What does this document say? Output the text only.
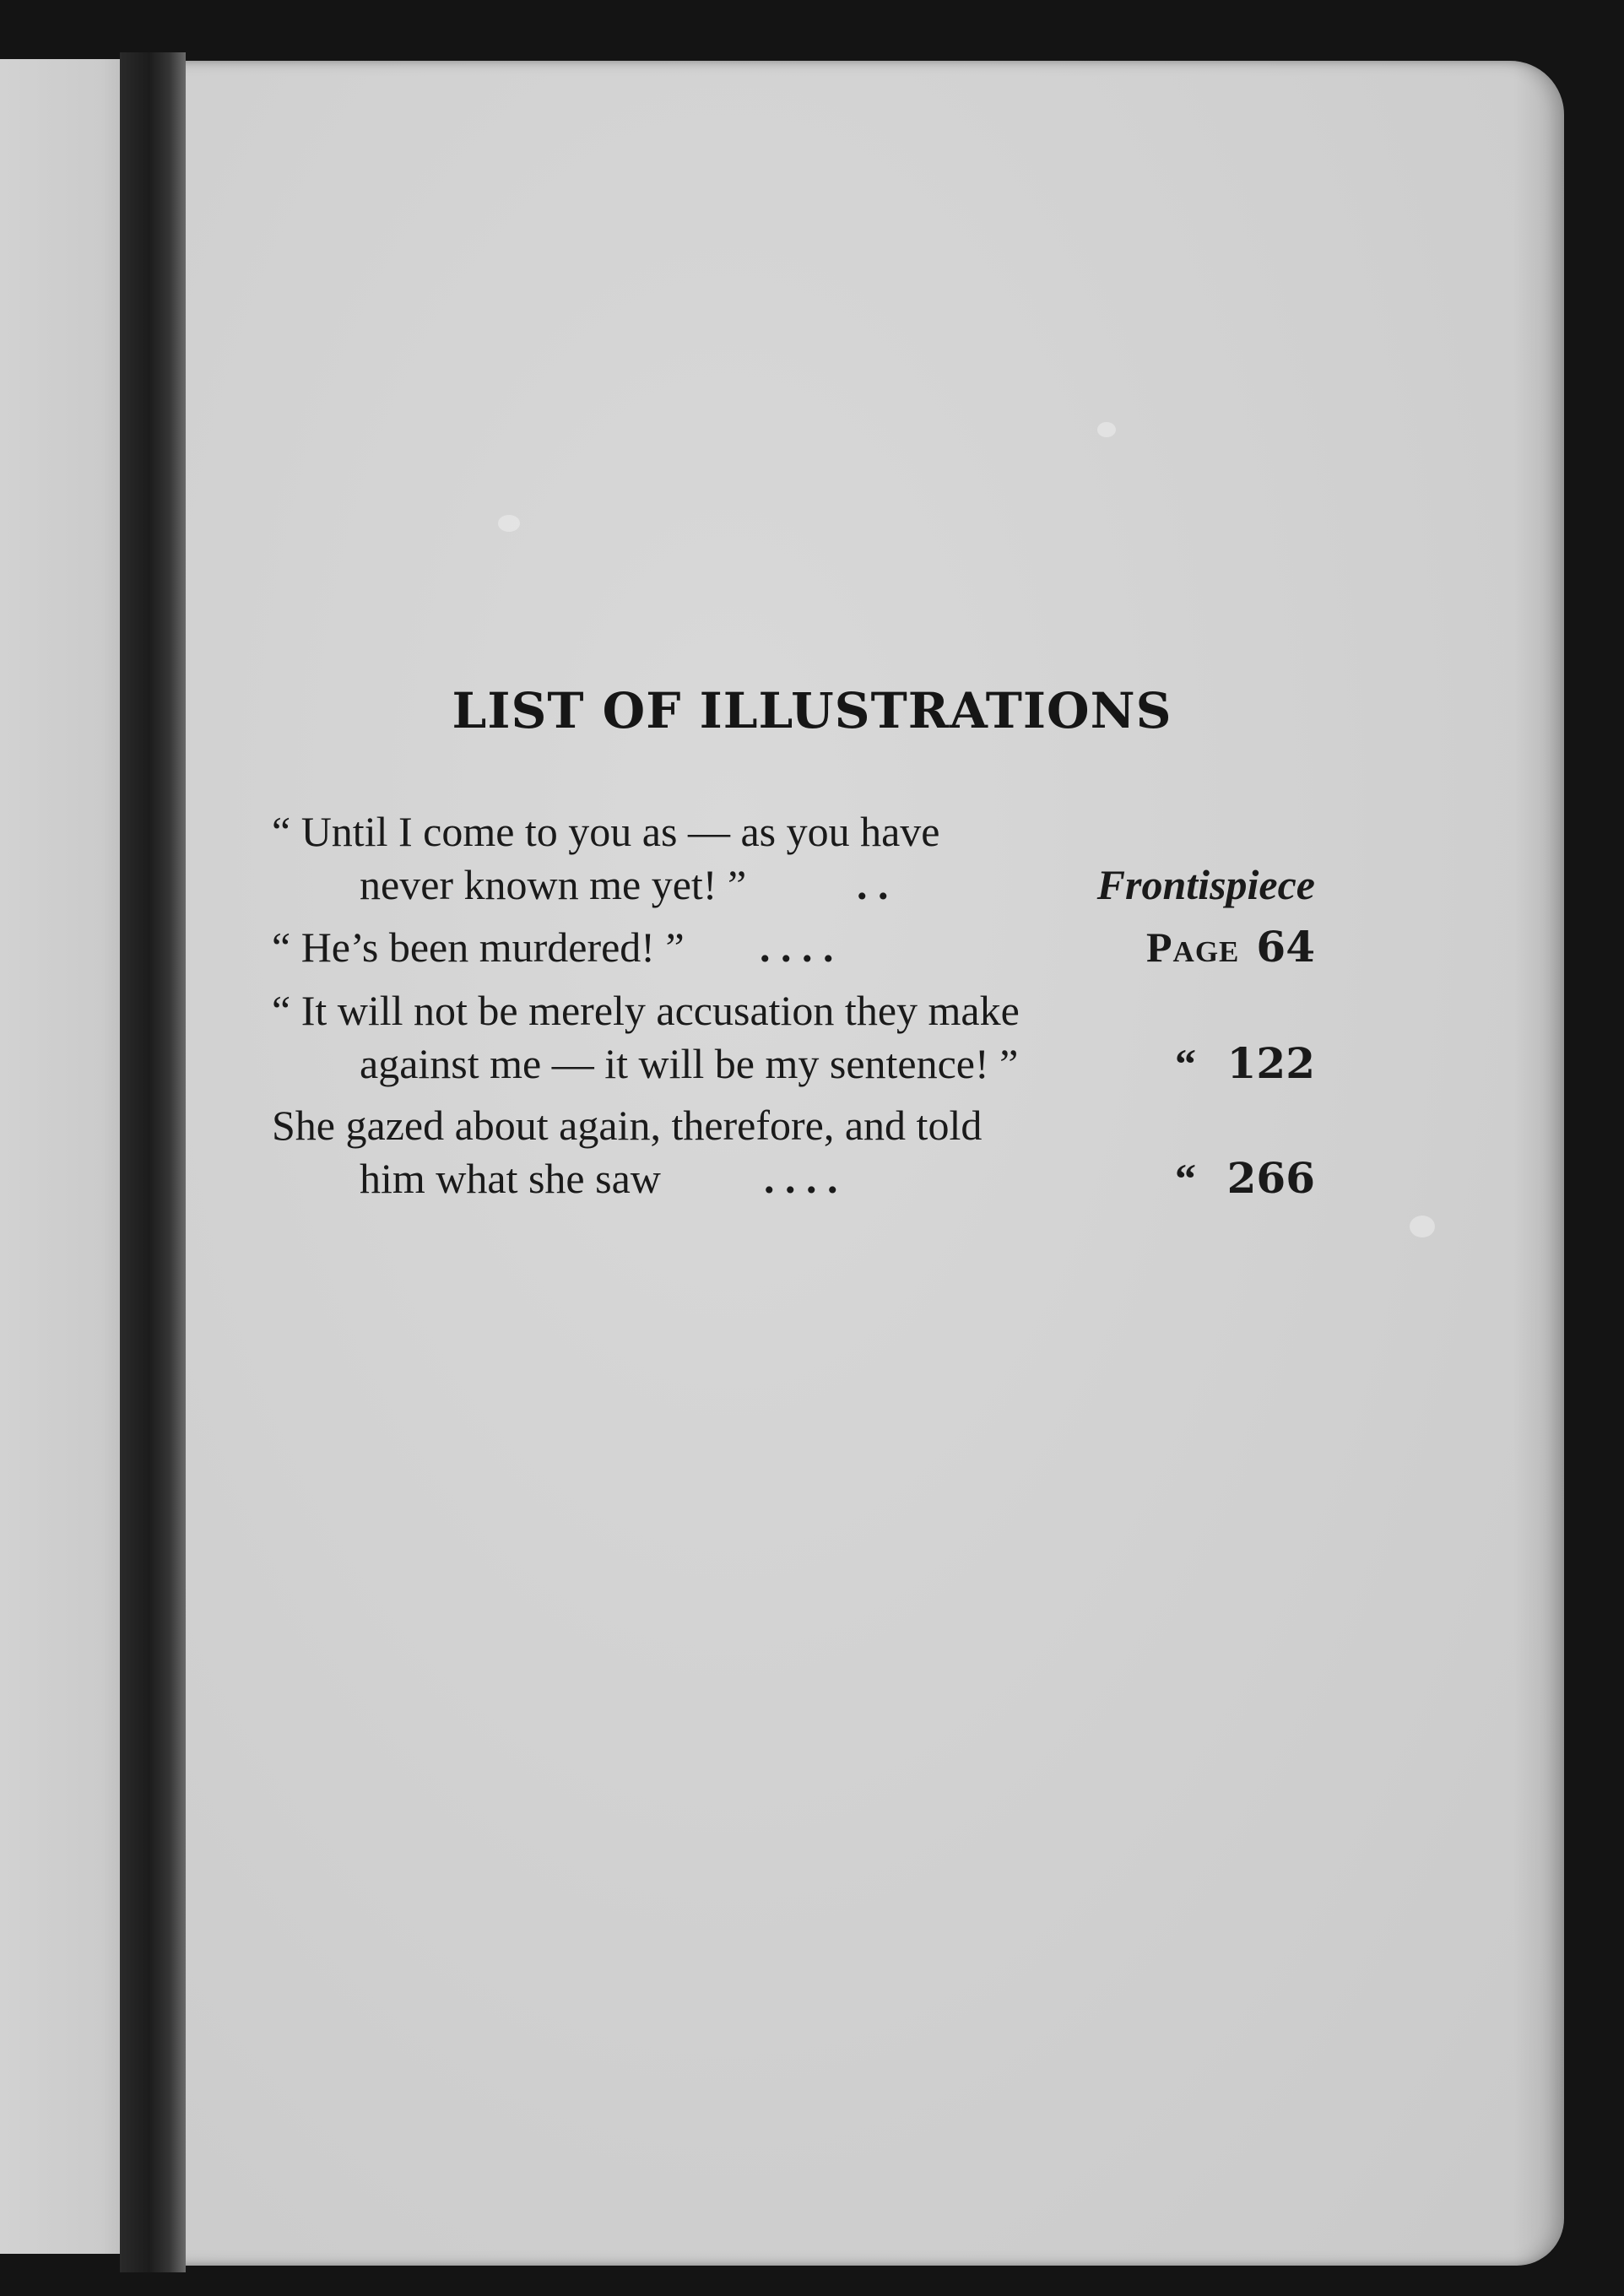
LIST OF ILLUSTRATIONS
“ Until I come to you as — as you have
never known me yet! ”	. .	Frontispiece
“ He’s been murdered! ” . . . .	Page 64
“ It will not be merely accusation they make
against me — it will be my sentence! ”	“ 122
She gazed about again, therefore, and told
him what she saw . . . .	“ 266
